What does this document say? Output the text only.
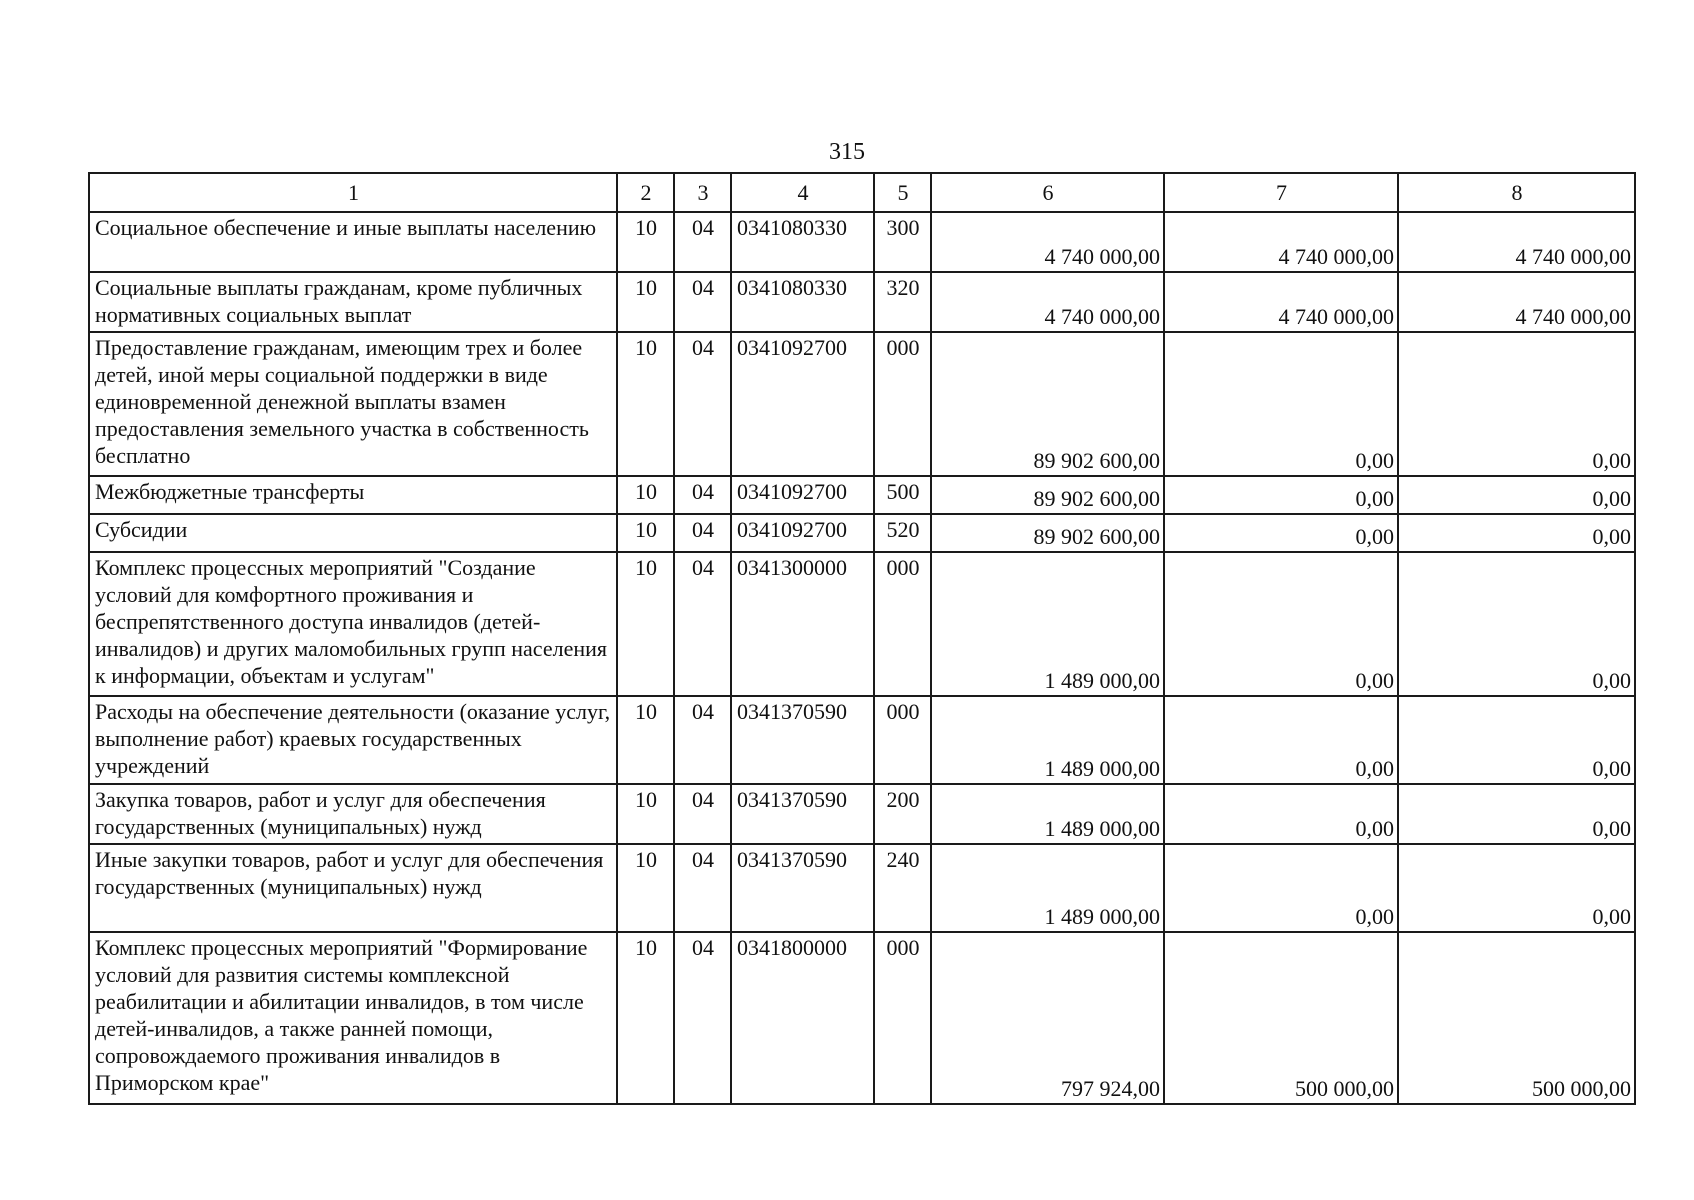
315
1	2	3	4	5	6	7	8
Социальное обеспечение и иные выплаты населению	10	04	0341080330	300	4 740 000,00	4 740 000,00	4 740 000,00
Социальные выплаты гражданам, кроме публичных нормативных социальных выплат	10	04	0341080330	320	4 740 000,00	4 740 000,00	4 740 000,00
Предоставление гражданам, имеющим трех и более детей, иной меры социальной поддержки в виде единовременной денежной выплаты взамен предоставления земельного участка в собственность бесплатно	10	04	0341092700	000	89 902 600,00	0,00	0,00
Межбюджетные трансферты	10	04	0341092700	500	89 902 600,00	0,00	0,00
Субсидии	10	04	0341092700	520	89 902 600,00	0,00	0,00
Комплекс процессных мероприятий "Создание условий для комфортного проживания и беспрепятственного доступа инвалидов (детей-инвалидов) и других маломобильных групп населения к информации, объектам и услугам"	10	04	0341300000	000	1 489 000,00	0,00	0,00
Расходы на обеспечение деятельности (оказание услуг, выполнение работ) краевых государственных учреждений	10	04	0341370590	000	1 489 000,00	0,00	0,00
Закупка товаров, работ и услуг для обеспечения государственных (муниципальных) нужд	10	04	0341370590	200	1 489 000,00	0,00	0,00
Иные закупки товаров, работ и услуг для обеспечения государственных (муниципальных) нужд	10	04	0341370590	240	1 489 000,00	0,00	0,00
Комплекс процессных мероприятий "Формирование условий для развития системы комплексной реабилитации и абилитации инвалидов, в том числе детей-инвалидов, а также ранней помощи, сопровождаемого проживания инвалидов в Приморском крае"	10	04	0341800000	000	797 924,00	500 000,00	500 000,00
